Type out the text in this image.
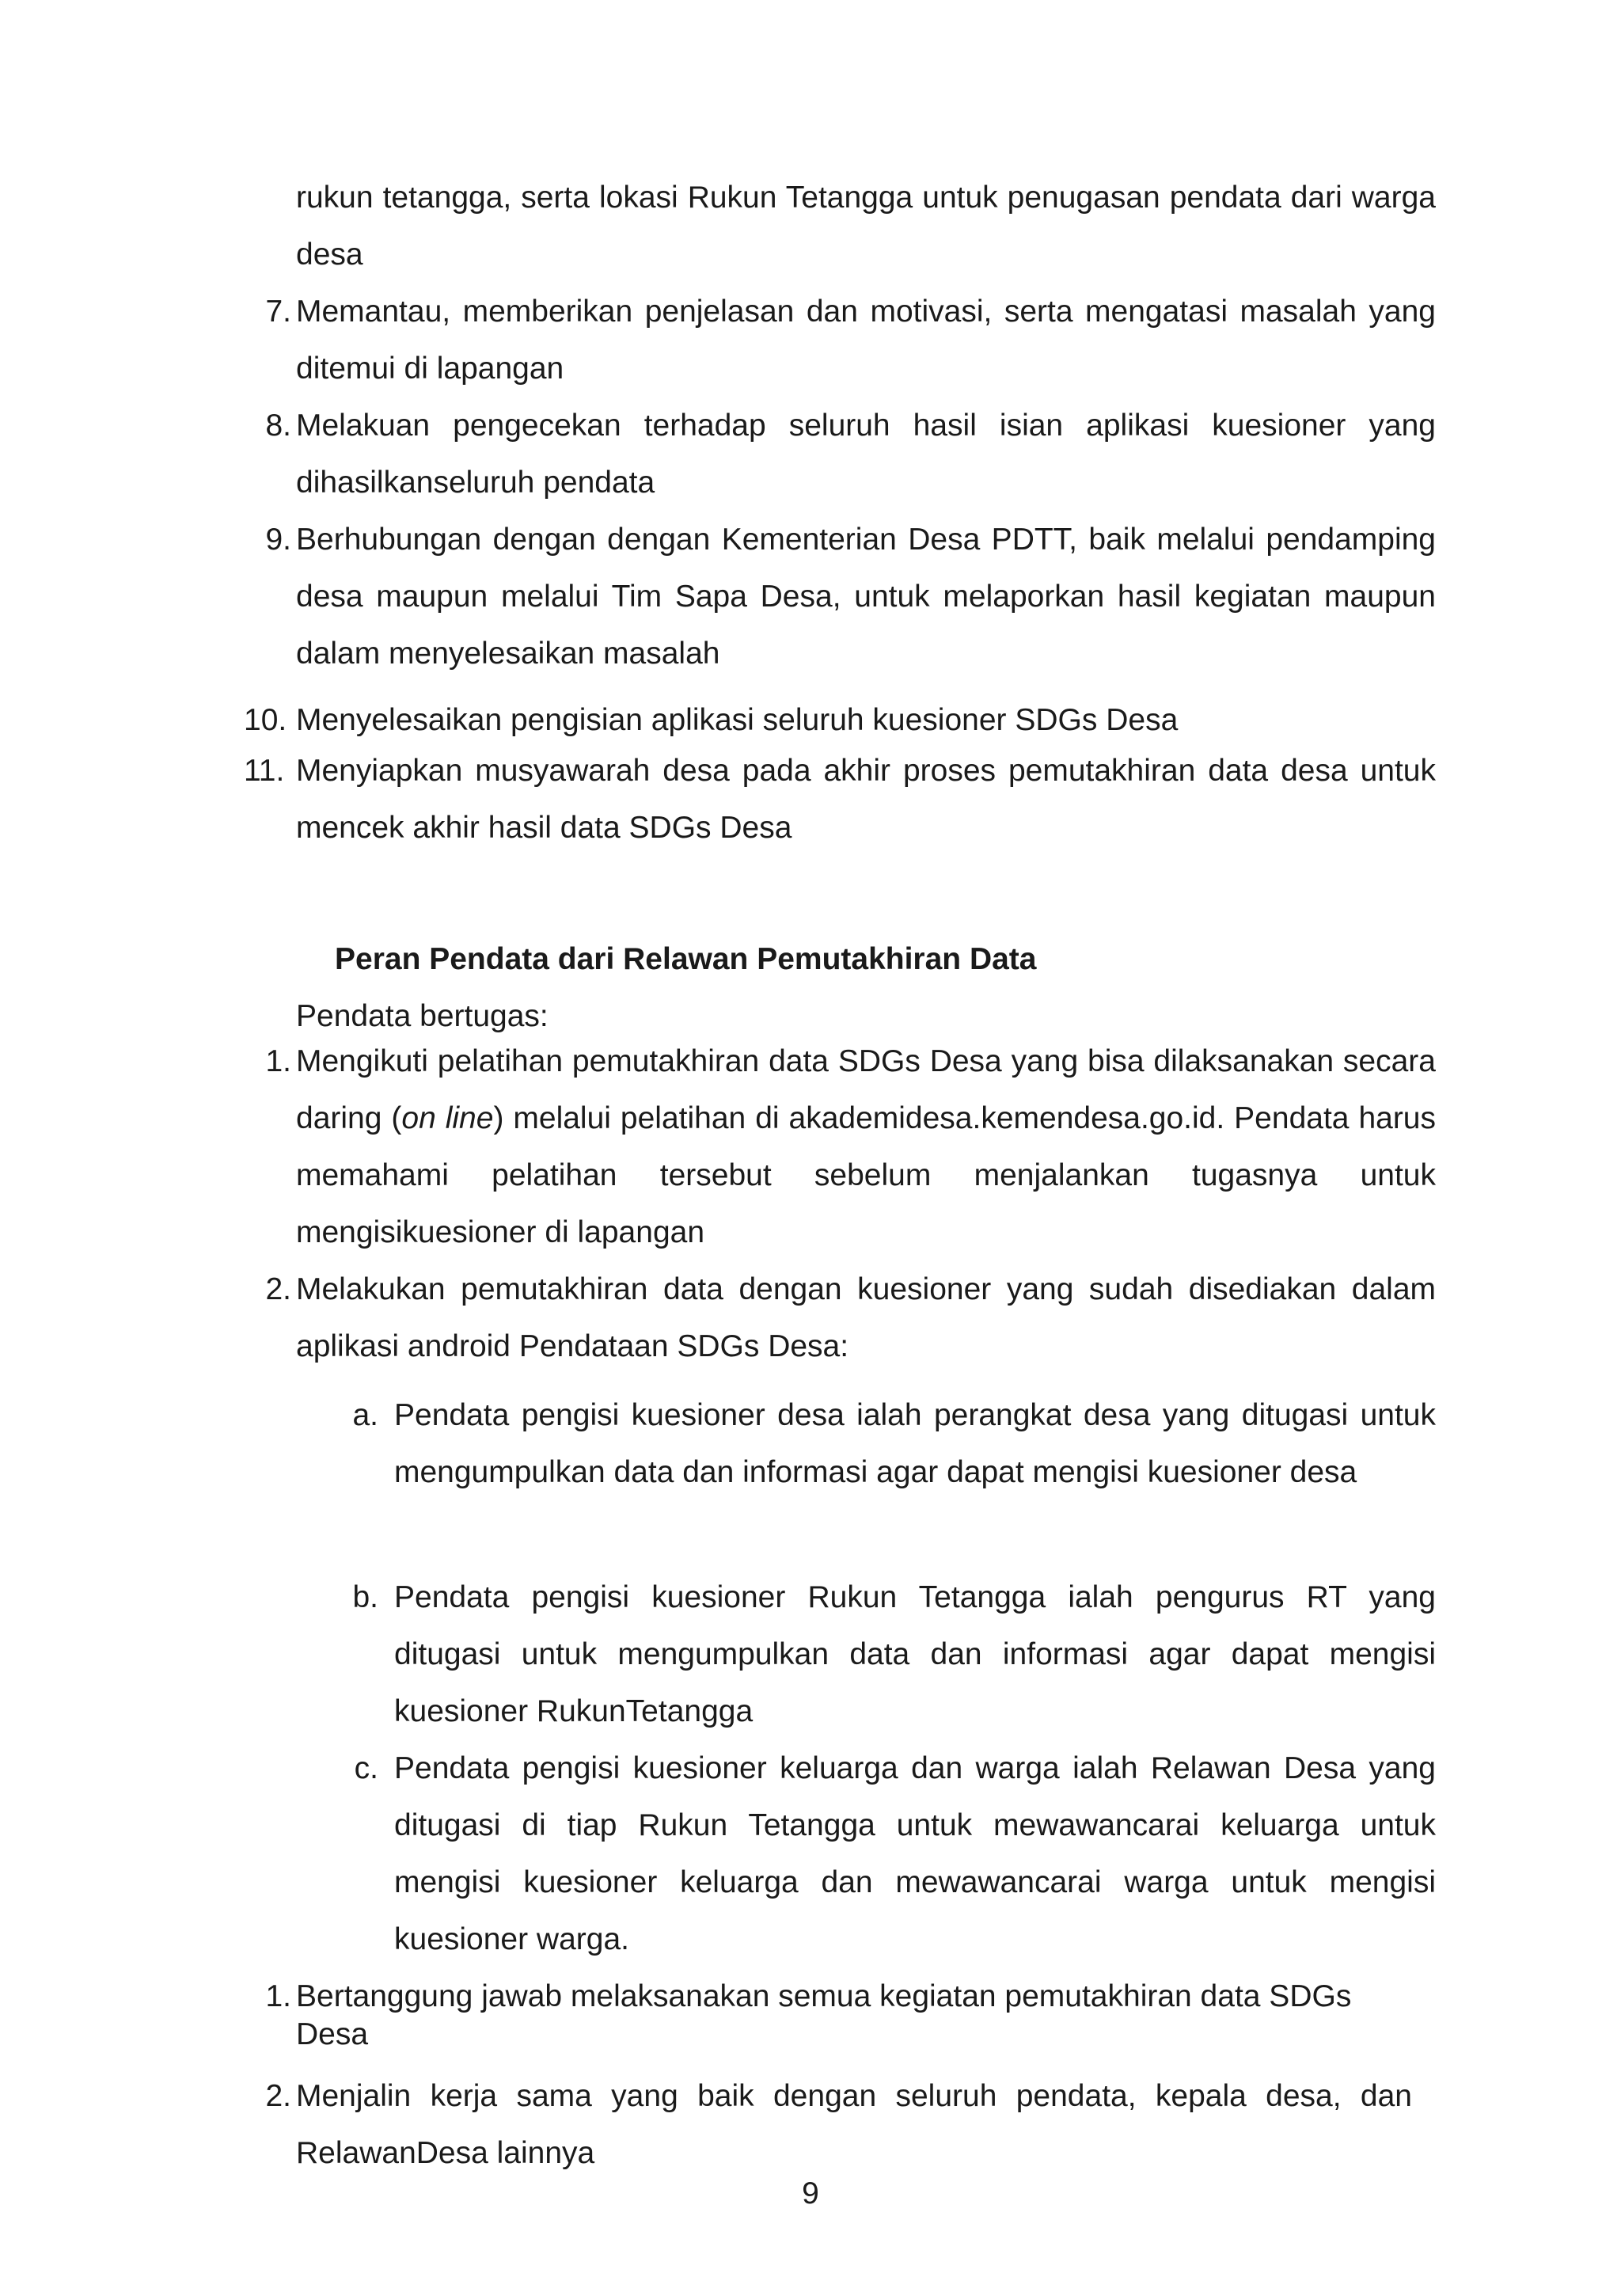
rukun tetangga, serta lokasi Rukun Tetangga untuk penugasan pendata dari warga desa
7. Memantau, memberikan penjelasan dan motivasi, serta mengatasi masalah yang ditemui di lapangan
8. Melakuan pengecekan terhadap seluruh hasil isian aplikasi kuesioner yang dihasilkanseluruh pendata
9. Berhubungan dengan dengan Kementerian Desa PDTT, baik melalui pendamping desa maupun melalui Tim Sapa Desa, untuk melaporkan hasil kegiatan maupun dalam menyelesaikan masalah
10. Menyelesaikan pengisian aplikasi seluruh kuesioner SDGs Desa
11. Menyiapkan musyawarah desa pada akhir proses pemutakhiran data desa untuk mencek akhir hasil data SDGs Desa
Peran Pendata dari Relawan Pemutakhiran Data
Pendata bertugas:
1. Mengikuti pelatihan pemutakhiran data SDGs Desa yang bisa dilaksanakan secara daring (on line) melalui pelatihan di akademidesa.kemendesa.go.id. Pendata harus memahami pelatihan tersebut sebelum menjalankan tugasnya untuk mengisikuesioner di lapangan
2. Melakukan pemutakhiran data dengan kuesioner yang sudah disediakan dalam aplikasi android Pendataan SDGs Desa:
a. Pendata pengisi kuesioner desa ialah perangkat desa yang ditugasi untuk mengumpulkan data dan informasi agar dapat mengisi kuesioner desa
b. Pendata pengisi kuesioner Rukun Tetangga ialah pengurus RT yang ditugasi untuk mengumpulkan data dan informasi agar dapat mengisi kuesioner RukunTetangga
c. Pendata pengisi kuesioner keluarga dan warga ialah Relawan Desa yang ditugasi di tiap Rukun Tetangga untuk mewawancarai keluarga untuk mengisi kuesioner keluarga dan mewawancarai warga untuk mengisi kuesioner warga.
1. Bertanggung jawab melaksanakan semua kegiatan pemutakhiran data SDGs Desa
2. Menjalin kerja sama yang baik dengan seluruh pendata, kepala desa, dan RelawanDesa lainnya
9
